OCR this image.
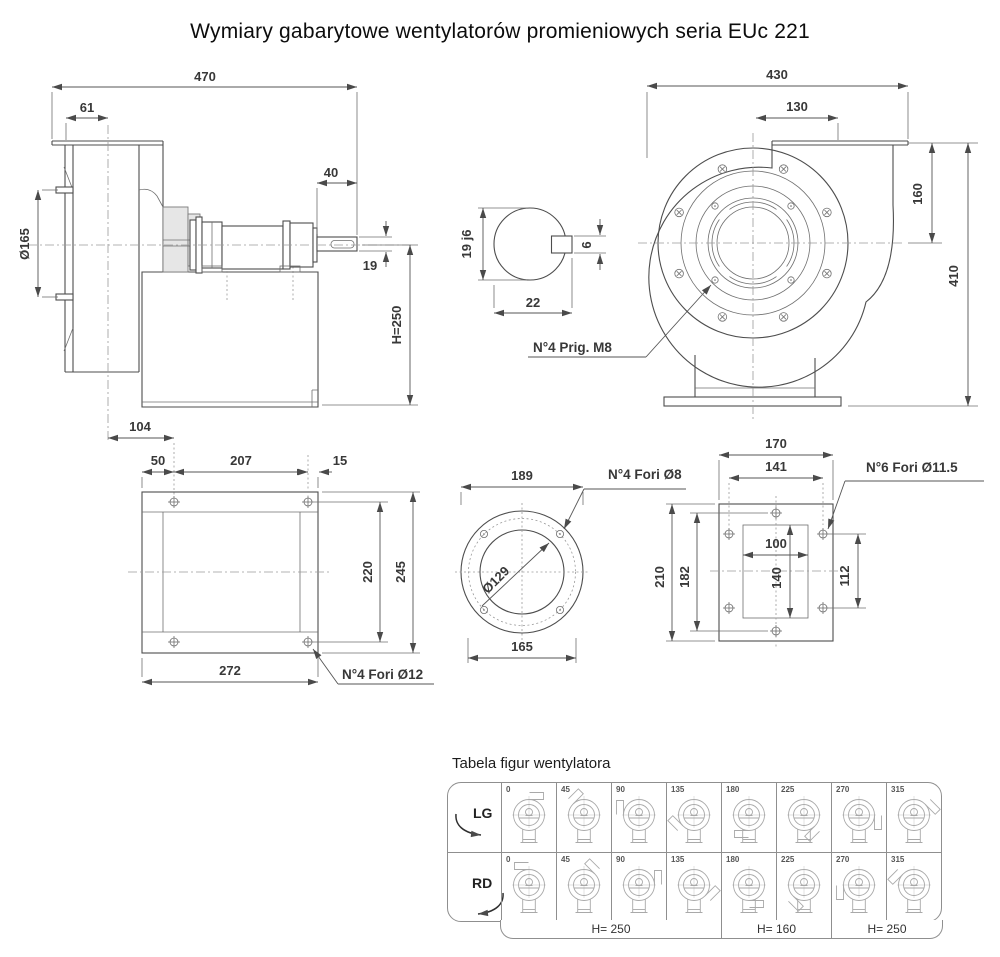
Wymiary gabarytowe wentylatorów promieniowych seria EUc 221
470
61
Ø165
40
19
H=250
104
19 j6	6
22
N°4 Prig. M8
430
130
160
410
50	207	15
220 245
272	N°4 Fori Ø12
Ø129
189
165
N°4 Fori Ø8
170
141
100
140
210 182	112
N°6 Fori Ø11.5
Tabela figur wentylatora
LG
0	45	90	135	180	225	270	315
RD
0	45	90	135	180	225	270	315
H= 250	H= 160	H= 250
